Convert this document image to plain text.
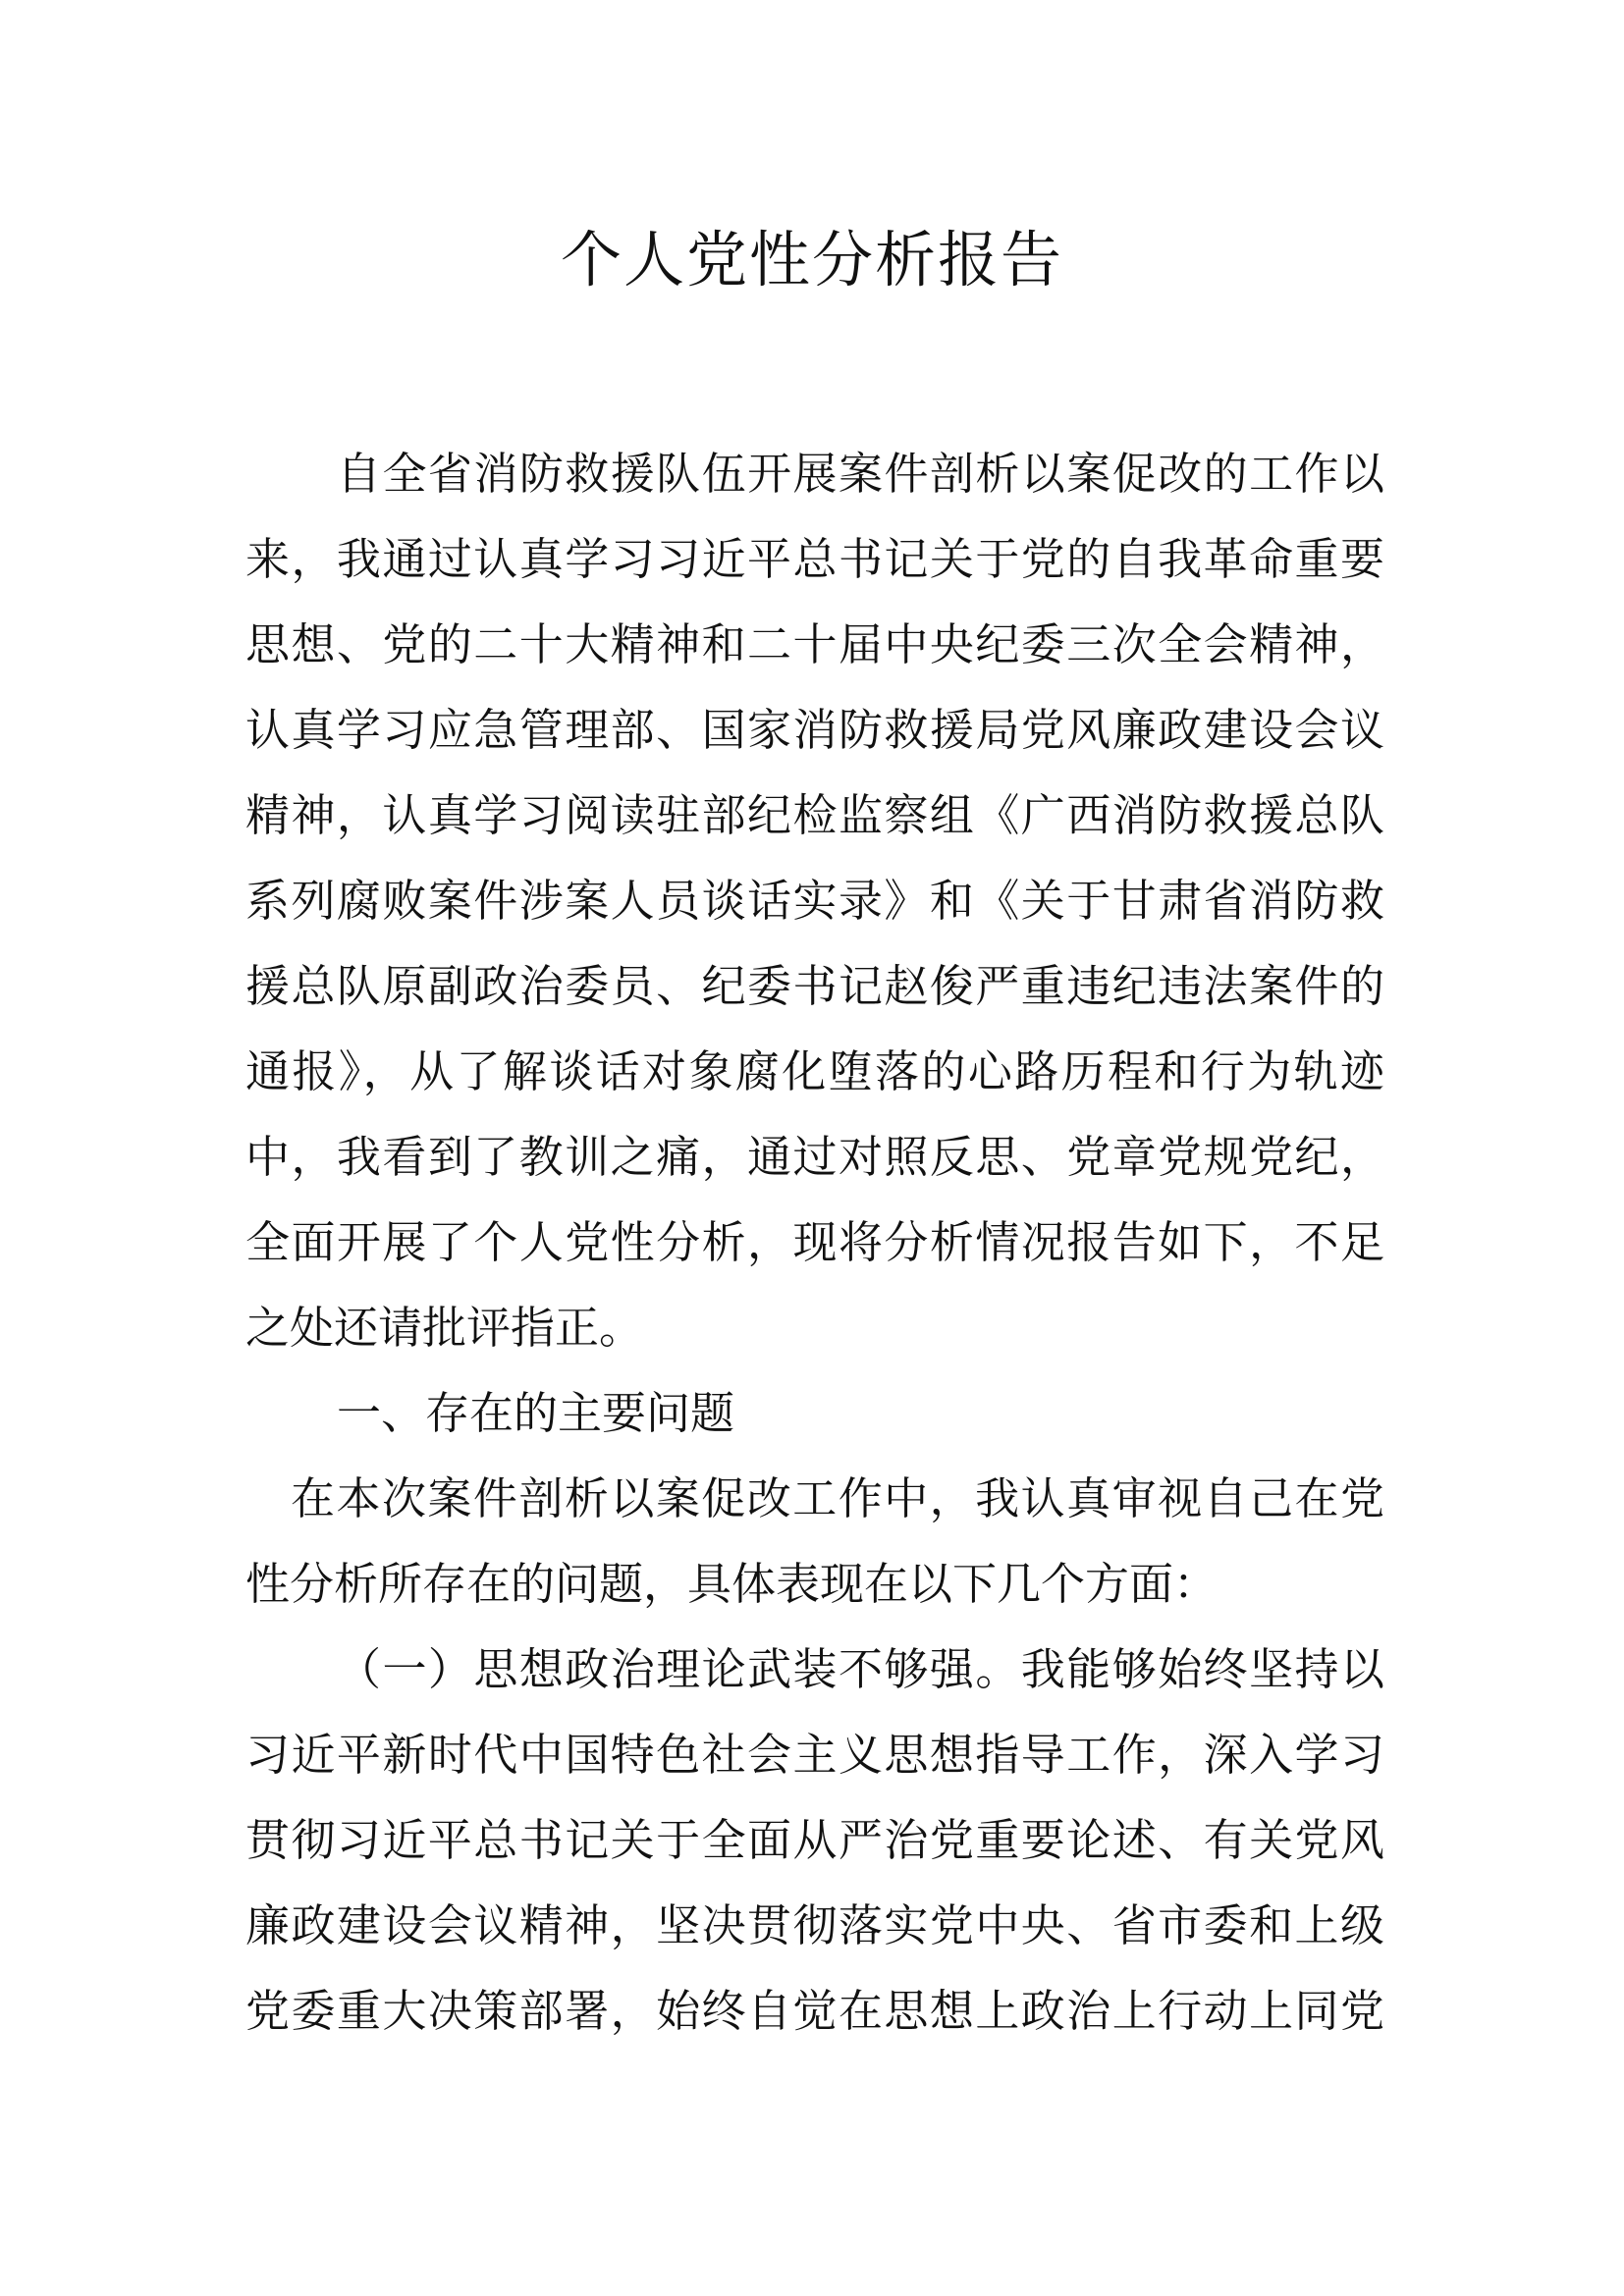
个人党性分析报告

自全省消防救援队伍开展案件剖析以案促改的工作以

来，我通过认真学习习近平总书记关于党的自我革命重要

思想、党的二十大精神和二十届中央纪委三次全会精神，

认真学习应急管理部、国家消防救援局党风廉政建设会议

精神，认真学习阅读驻部纪检监察组《广西消防救援总队

系列腐败案件涉案人员谈话实录》和《关于甘肃省消防救

援总队原副政治委员、纪委书记赵俊严重违纪违法案件的

通报》，从了解谈话对象腐化堕落的心路历程和行为轨迹

中，我看到了教训之痛，通过对照反思、党章党规党纪，

全面开展了个人党性分析，现将分析情况报告如下，不足

之处还请批评指正。

一、存在的主要问题

在本次案件剖析以案促改工作中，我认真审视自己在党

性分析所存在的问题，具体表现在以下几个方面：

（一）思想政治理论武装不够强。我能够始终坚持以

习近平新时代中国特色社会主义思想指导工作，深入学习

贯彻习近平总书记关于全面从严治党重要论述、有关党风

廉政建设会议精神，坚决贯彻落实党中央、省市委和上级

党委重大决策部署，始终自觉在思想上政治上行动上同党
